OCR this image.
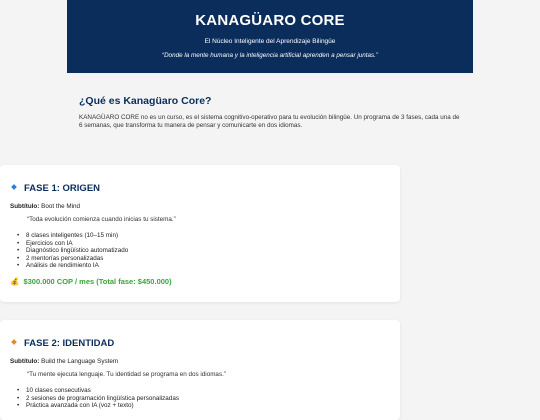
KANAGÜARO CORE
El Núcleo Inteligente del Aprendizaje Bilingüe
“Donde la mente humana y la inteligencia artificial aprenden a pensar juntas.”
¿Qué es Kanagüaro Core?

KANAGÜARO CORE no es un curso, es el sistema cognitivo-operativo para tu evolución bilingüe. Un programa de 3 fases, cada una de 6 semanas, que transforma tu manera de pensar y comunicarte en dos idiomas.

FASE 1: ORIGEN
Subtítulo: Boot the Mind
“Toda evolución comienza cuando inicias tu sistema.”
• 8 clases inteligentes (10–15 min)
• Ejercicios con IA
• Diagnóstico lingüístico automatizado
• 2 mentorías personalizadas
• Análisis de rendimiento IA
💰 $300.000 COP / mes (Total fase: $450.000)
FASE 2: IDENTIDAD
Subtítulo: Build the Language System
“Tu mente ejecuta lenguaje. Tu identidad se programa en dos idiomas.”
• 10 clases consecutivas
• 2 sesiones de programación lingüística personalizadas
• Práctica avanzada con IA (voz + texto)
